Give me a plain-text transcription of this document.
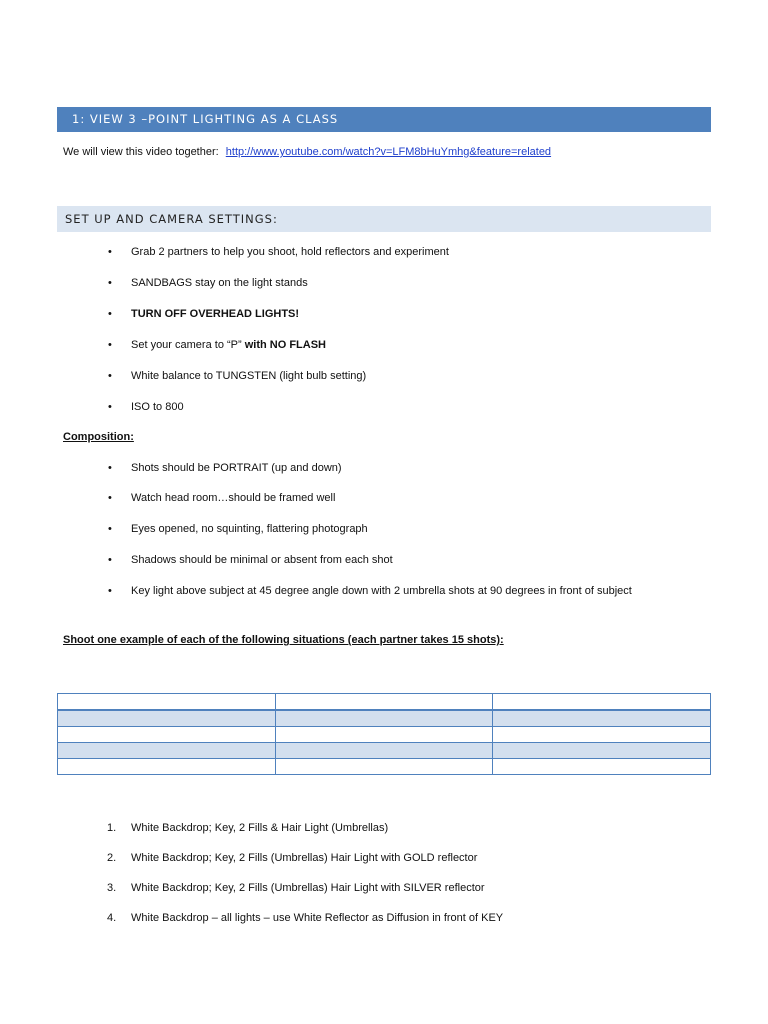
1: VIEW 3 –POINT LIGHTING AS A CLASS
We will view this video together: http://www.youtube.com/watch?v=LFM8bHuYmhg&feature=related
SET UP AND CAMERA SETTINGS:
• Grab 2 partners to help you shoot, hold reflectors and experiment
• SANDBAGS stay on the light stands
• TURN OFF OVERHEAD LIGHTS!
• Set your camera to “P” with NO FLASH
• White balance to TUNGSTEN (light bulb setting)
• ISO to 800
Composition:
• Shots should be PORTRAIT (up and down)
• Watch head room…should be framed well
• Eyes opened, no squinting, flattering photograph
• Shadows should be minimal or absent from each shot
• Key light above subject at 45 degree angle down with 2 umbrella shots at 90 degrees in front of subject
Shoot one example of each of the following situations (each partner takes 15 shots):

1. White Backdrop; Key, 2 Fills & Hair Light (Umbrellas)
2. White Backdrop; Key, 2 Fills (Umbrellas) Hair Light with GOLD reflector
3. White Backdrop; Key, 2 Fills (Umbrellas) Hair Light with SILVER reflector
4. White Backdrop – all lights – use White Reflector as Diffusion in front of KEY
